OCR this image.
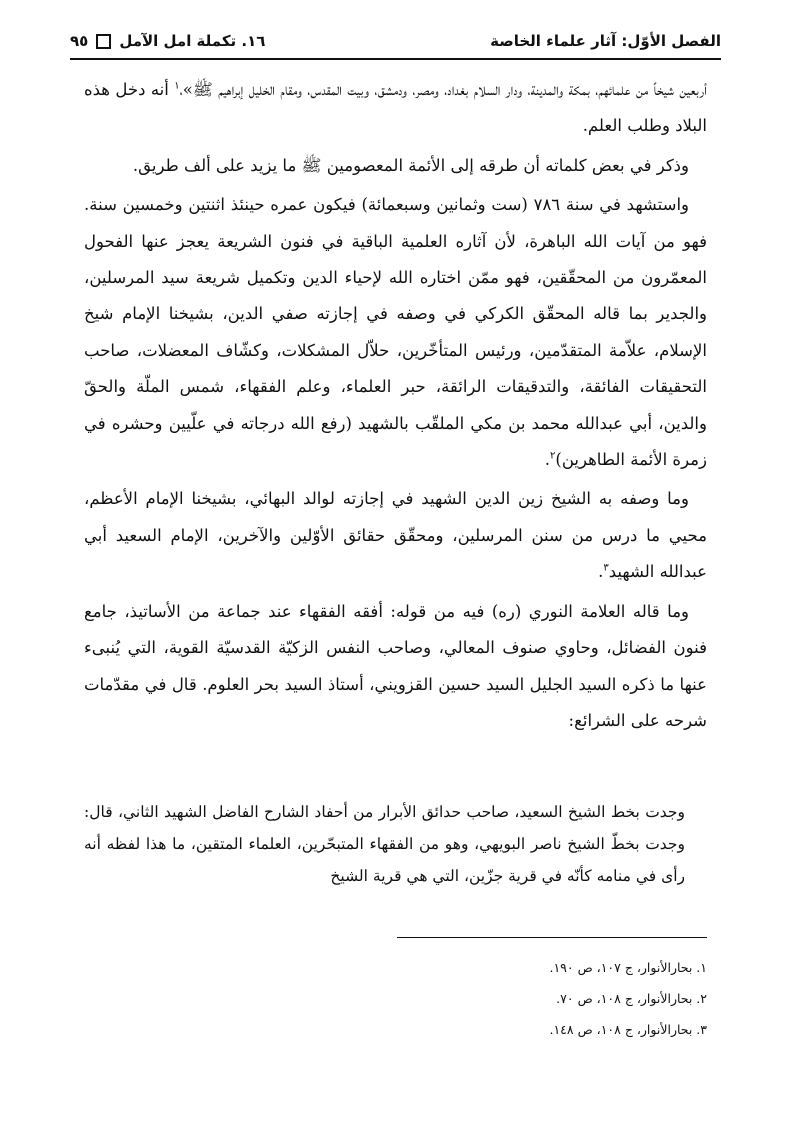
الفصل الأوّل: آثار علماء الخاصة
١٦. تكملة امل الآمل
٩٥

أربعين شيخاً من علمائهم، بمكة والمدينة، ودار السلام بغداد، ومصر، ودمشق، وبيت المقدس، ومقام الخليل إبراهيم ﷺ»،$^١$ أنه دخل هذه البلاد وطلب العلم.

وذكر في بعض كلماته أن طرقه إلى الأئمة المعصومين ﷺ ما يزيد على ألف طريق.

واستشهد في سنة ٧٨٦ (ست وثمانين وسبعمائة) فيكون عمره حينئذ اثنتين وخمسين سنة. فهو من آيات الله الباهرة، لأن آثاره العلمية الباقية في فنون الشريعة يعجز عنها الفحول المعمّرون من المحقّقين، فهو ممّن اختاره الله لإحياء الدين وتكميل شريعة سيد المرسلين، والجدير بما قاله المحقّق الكركي في وصفه في إجازته صفي الدين، بشيخنا الإمام شيخ الإسلام، علاّمة المتقدّمين، ورئيس المتأخّرين، حلاّل المشكلات، وكشّاف المعضلات، صاحب التحقيقات الفائقة، والتدقيقات الرائقة، حبر العلماء، وعلم الفقهاء، شمس الملّة والحقّ والدين، أبي عبدالله محمد بن مكي الملقّب بالشهيد (رفع الله درجاته في علّيين وحشره في زمرة الأئمة الطاهرين)$^٢$.

وما وصفه به الشيخ زين الدين الشهيد في إجازته لوالد البهائي، بشيخنا الإمام الأعظم، محيي ما درس من سنن المرسلين، ومحقّق حقائق الأوّلين والآخرين، الإمام السعيد أبي عبدالله الشهيد$^٣$.

وما قاله العلامة النوري (ره) فيه من قوله: أفقه الفقهاء عند جماعة من الأساتيذ، جامع فنون الفضائل، وحاوي صنوف المعالي، وصاحب النفس الزكيّة القدسيّة القوية، التي يُنبىء عنها ما ذكره السيد الجليل السيد حسين القزويني، أستاذ السيد بحر العلوم. قال في مقدّمات شرحه على الشرائع:

وجدت بخط الشيخ السعيد، صاحب حدائق الأبرار من أحفاد الشارح الفاضل الشهيد الثاني، قال: وجدت بخطّ الشيخ ناصر البويهي، وهو من الفقهاء المتبحّرين، العلماء المتقين، ما هذا لفظه أنه رأى في منامه كأنّه في قرية جزّين، التي هي قرية الشيخ

١. بحارالأنوار، ج ١٠٧، ص ١٩٠.
٢. بحارالأنوار، ج ١٠٨، ص ٧٠.
٣. بحارالأنوار، ج ١٠٨، ص ١٤٨.
